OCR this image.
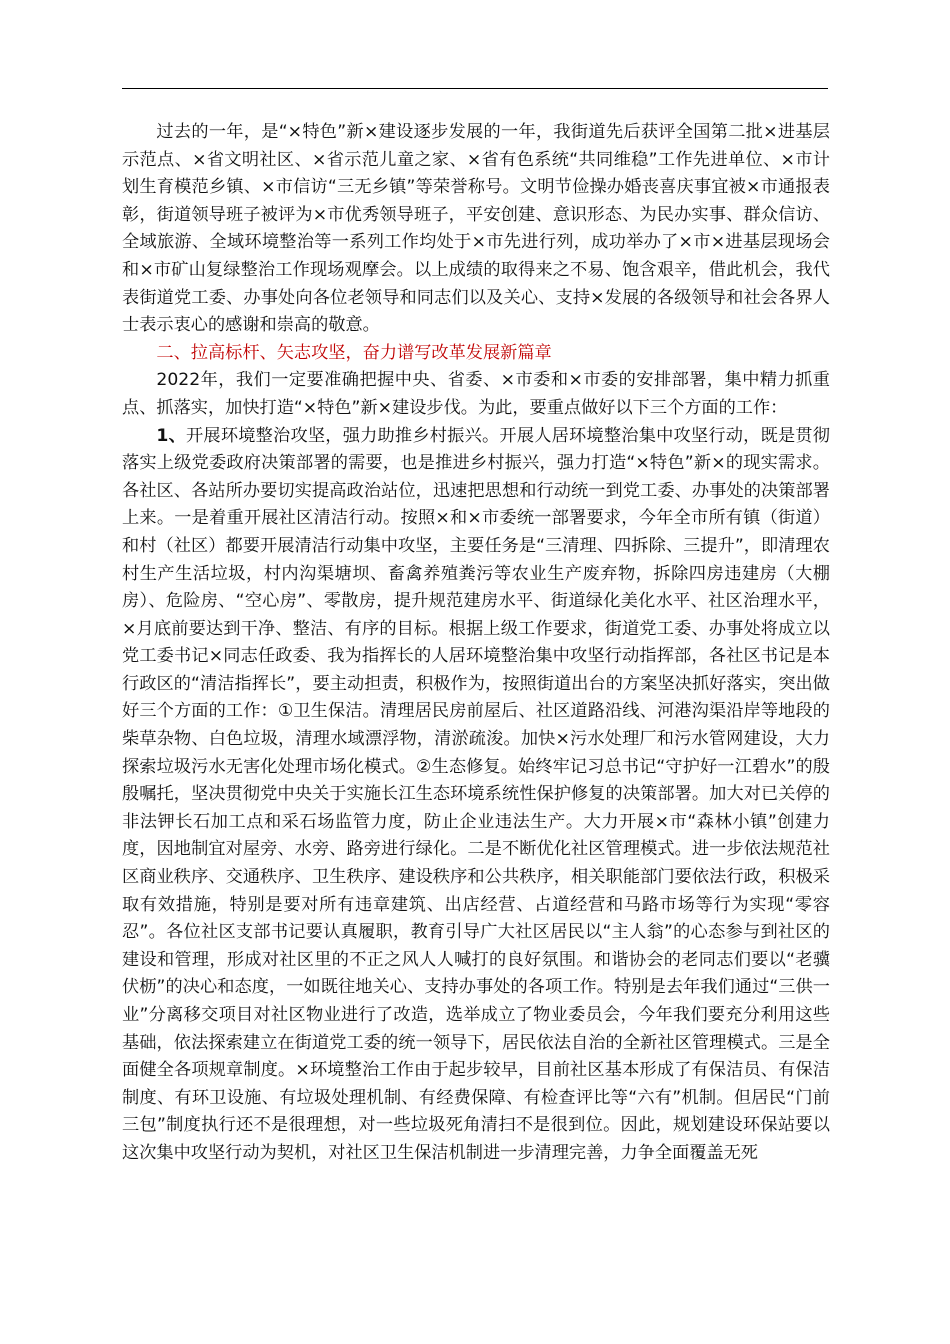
过去的一年，是“×特色”新×建设逐步发展的一年，我街道先后获评全国第二批×进基层示范点、×省文明社区、×省示范儿童之家、×省有色系统“共同维稳”工作先进单位、×市计划生育模范乡镇、×市信访“三无乡镇”等荣誉称号。文明节俭操办婚丧喜庆事宜被×市通报表彰，街道领导班子被评为×市优秀领导班子，平安创建、意识形态、为民办实事、群众信访、全域旅游、全域环境整治等一系列工作均处于×市先进行列，成功举办了×市×进基层现场会和×市矿山复绿整治工作现场观摩会。以上成绩的取得来之不易、饱含艰辛，借此机会，我代表街道党工委、办事处向各位老领导和同志们以及关心、支持×发展的各级领导和社会各界人士表示衷心的感谢和崇高的敬意。

二、拉高标杆、矢志攻坚，奋力谱写改革发展新篇章

2022年，我们一定要准确把握中央、省委、×市委和×市委的安排部署，集中精力抓重点、抓落实，加快打造“×特色”新×建设步伐。为此，要重点做好以下三个方面的工作：

1、开展环境整治攻坚，强力助推乡村振兴。开展人居环境整治集中攻坚行动，既是贯彻落实上级党委政府决策部署的需要，也是推进乡村振兴，强力打造“×特色”新×的现实需求。各社区、各站所办要切实提高政治站位，迅速把思想和行动统一到党工委、办事处的决策部署上来。一是着重开展社区清洁行动。按照×和×市委统一部署要求，今年全市所有镇（街道）和村（社区）都要开展清洁行动集中攻坚，主要任务是“三清理、四拆除、三提升”，即清理农村生产生活垃圾，村内沟渠塘坝、畜禽养殖粪污等农业生产废弃物，拆除四房违建房（大棚房）、危险房、“空心房”、零散房，提升规范建房水平、街道绿化美化水平、社区治理水平，×月底前要达到干净、整洁、有序的目标。根据上级工作要求，街道党工委、办事处将成立以党工委书记×同志任政委、我为指挥长的人居环境整治集中攻坚行动指挥部，各社区书记是本行政区的“清洁指挥长”，要主动担责，积极作为，按照街道出台的方案坚决抓好落实，突出做好三个方面的工作：①卫生保洁。清理居民房前屋后、社区道路沿线、河港沟渠沿岸等地段的柴草杂物、白色垃圾，清理水域漂浮物，清淤疏浚。加快×污水处理厂和污水管网建设，大力探索垃圾污水无害化处理市场化模式。②生态修复。始终牢记习总书记“守护好一江碧水”的殷殷嘱托，坚决贯彻党中央关于实施长江生态环境系统性保护修复的决策部署。加大对已关停的非法钾长石加工点和采石场监管力度，防止企业违法生产。大力开展×市“森林小镇”创建力度，因地制宜对屋旁、水旁、路旁进行绿化。二是不断优化社区管理模式。进一步依法规范社区商业秩序、交通秩序、卫生秩序、建设秩序和公共秩序，相关职能部门要依法行政，积极采取有效措施，特别是要对所有违章建筑、出店经营、占道经营和马路市场等行为实现“零容忍”。各位社区支部书记要认真履职，教育引导广大社区居民以“主人翁”的心态参与到社区的建设和管理，形成对社区里的不正之风人人喊打的良好氛围。和谐协会的老同志们要以“老骥伏枥”的决心和态度，一如既往地关心、支持办事处的各项工作。特别是去年我们通过“三供一业”分离移交项目对社区物业进行了改造，选举成立了物业委员会，今年我们要充分利用这些基础，依法探索建立在街道党工委的统一领导下，居民依法自治的全新社区管理模式。三是全面健全各项规章制度。×环境整治工作由于起步较早，目前社区基本形成了有保洁员、有保洁制度、有环卫设施、有垃圾处理机制、有经费保障、有检查评比等“六有”机制。但居民“门前三包”制度执行还不是很理想，对一些垃圾死角清扫不是很到位。因此，规划建设环保站要以这次集中攻坚行动为契机，对社区卫生保洁机制进一步清理完善，力争全面覆盖无死
